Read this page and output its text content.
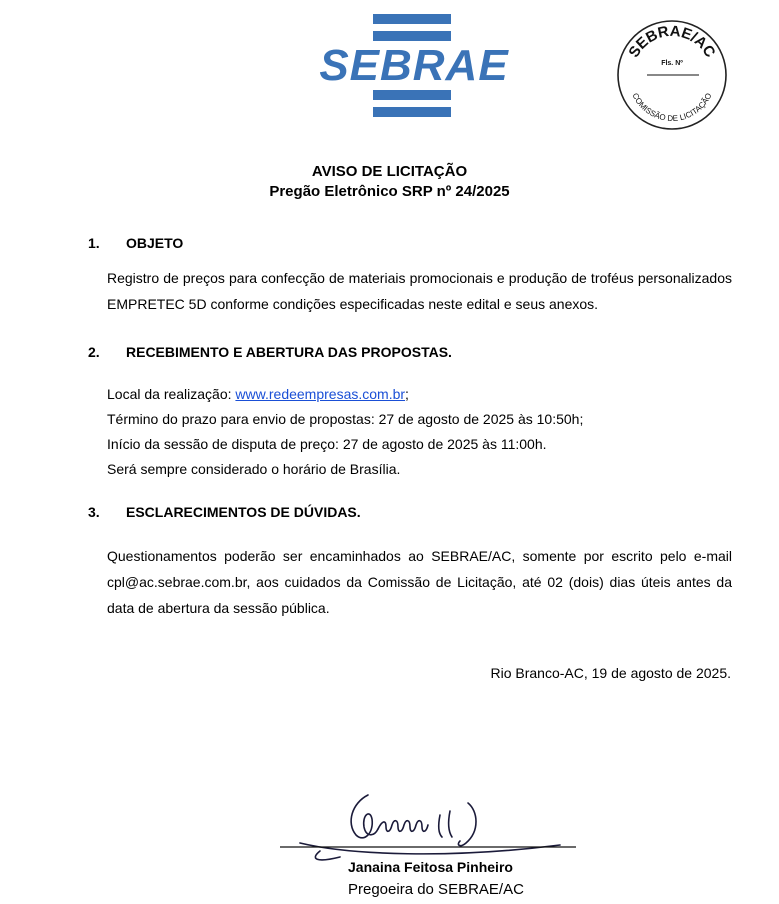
SEBRAE	SEBRAE/AC
Fls. Nº
COMISSÃO DE LICITAÇÃO
AVISO DE LICITAÇÃO
Pregão Eletrônico SRP nº 24/2025
1. OBJETO
Registro de preços para confecção de materiais promocionais e produção de troféus personalizados EMPRETEC 5D conforme condições especificadas neste edital e seus anexos.
2. RECEBIMENTO E ABERTURA DAS PROPOSTAS.
Local da realização: www.redeempresas.com.br;
Término do prazo para envio de propostas: 27 de agosto de 2025 às 10:50h;
Início da sessão de disputa de preço: 27 de agosto de 2025 às 11:00h.
Será sempre considerado o horário de Brasília.
3. ESCLARECIMENTOS DE DÚVIDAS.
Questionamentos poderão ser encaminhados ao SEBRAE/AC, somente por escrito pelo e-mail cpl@ac.sebrae.com.br, aos cuidados da Comissão de Licitação, até 02 (dois) dias úteis antes da data de abertura da sessão pública.
Rio Branco-AC, 19 de agosto de 2025.
Janaina Feitosa Pinheiro
Pregoeira do SEBRAE/AC
